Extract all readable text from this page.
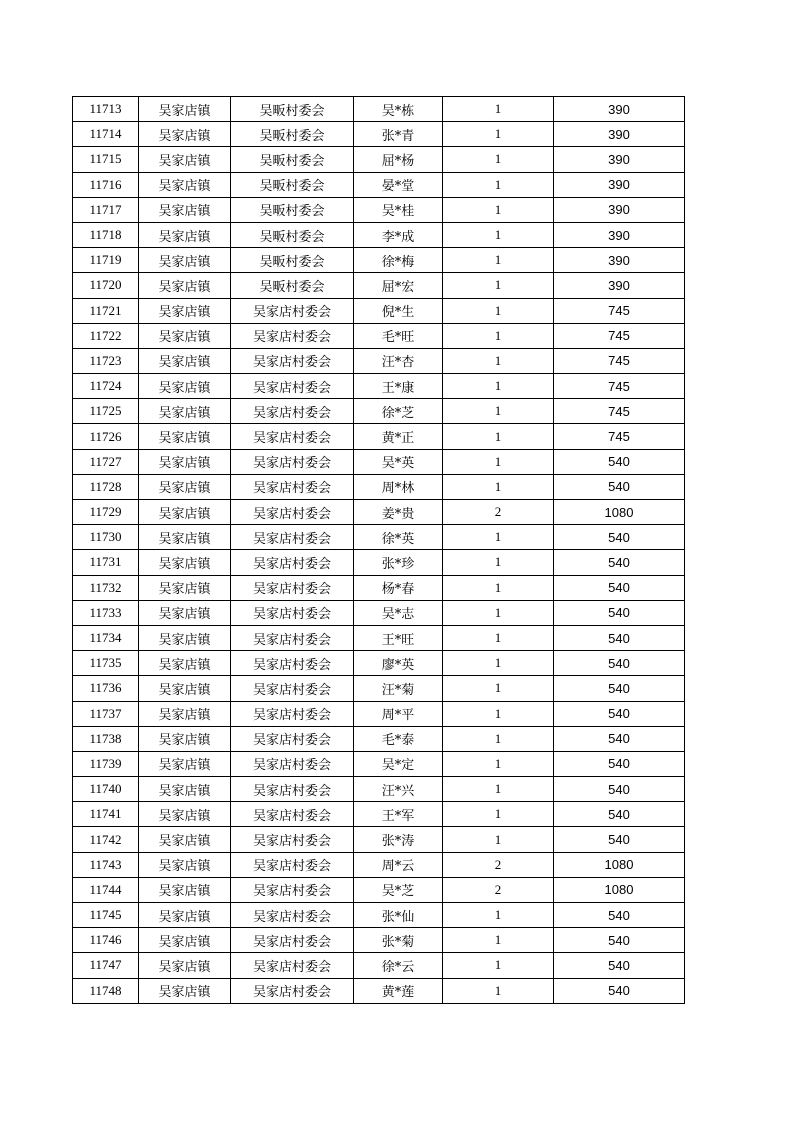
11713	吴家店镇	吴畈村委会	吴*栋	1	390
11714	吴家店镇	吴畈村委会	张*青	1	390
11715	吴家店镇	吴畈村委会	屈*杨	1	390
11716	吴家店镇	吴畈村委会	晏*堂	1	390
11717	吴家店镇	吴畈村委会	吴*桂	1	390
11718	吴家店镇	吴畈村委会	李*成	1	390
11719	吴家店镇	吴畈村委会	徐*梅	1	390
11720	吴家店镇	吴畈村委会	屈*宏	1	390
11721	吴家店镇	吴家店村委会	倪*生	1	745
11722	吴家店镇	吴家店村委会	毛*旺	1	745
11723	吴家店镇	吴家店村委会	汪*杏	1	745
11724	吴家店镇	吴家店村委会	王*康	1	745
11725	吴家店镇	吴家店村委会	徐*芝	1	745
11726	吴家店镇	吴家店村委会	黄*正	1	745
11727	吴家店镇	吴家店村委会	吴*英	1	540
11728	吴家店镇	吴家店村委会	周*林	1	540
11729	吴家店镇	吴家店村委会	姜*贵	2	1080
11730	吴家店镇	吴家店村委会	徐*英	1	540
11731	吴家店镇	吴家店村委会	张*珍	1	540
11732	吴家店镇	吴家店村委会	杨*春	1	540
11733	吴家店镇	吴家店村委会	吴*志	1	540
11734	吴家店镇	吴家店村委会	王*旺	1	540
11735	吴家店镇	吴家店村委会	廖*英	1	540
11736	吴家店镇	吴家店村委会	汪*菊	1	540
11737	吴家店镇	吴家店村委会	周*平	1	540
11738	吴家店镇	吴家店村委会	毛*泰	1	540
11739	吴家店镇	吴家店村委会	吴*定	1	540
11740	吴家店镇	吴家店村委会	汪*兴	1	540
11741	吴家店镇	吴家店村委会	王*军	1	540
11742	吴家店镇	吴家店村委会	张*涛	1	540
11743	吴家店镇	吴家店村委会	周*云	2	1080
11744	吴家店镇	吴家店村委会	吴*芝	2	1080
11745	吴家店镇	吴家店村委会	张*仙	1	540
11746	吴家店镇	吴家店村委会	张*菊	1	540
11747	吴家店镇	吴家店村委会	徐*云	1	540
11748	吴家店镇	吴家店村委会	黄*莲	1	540
